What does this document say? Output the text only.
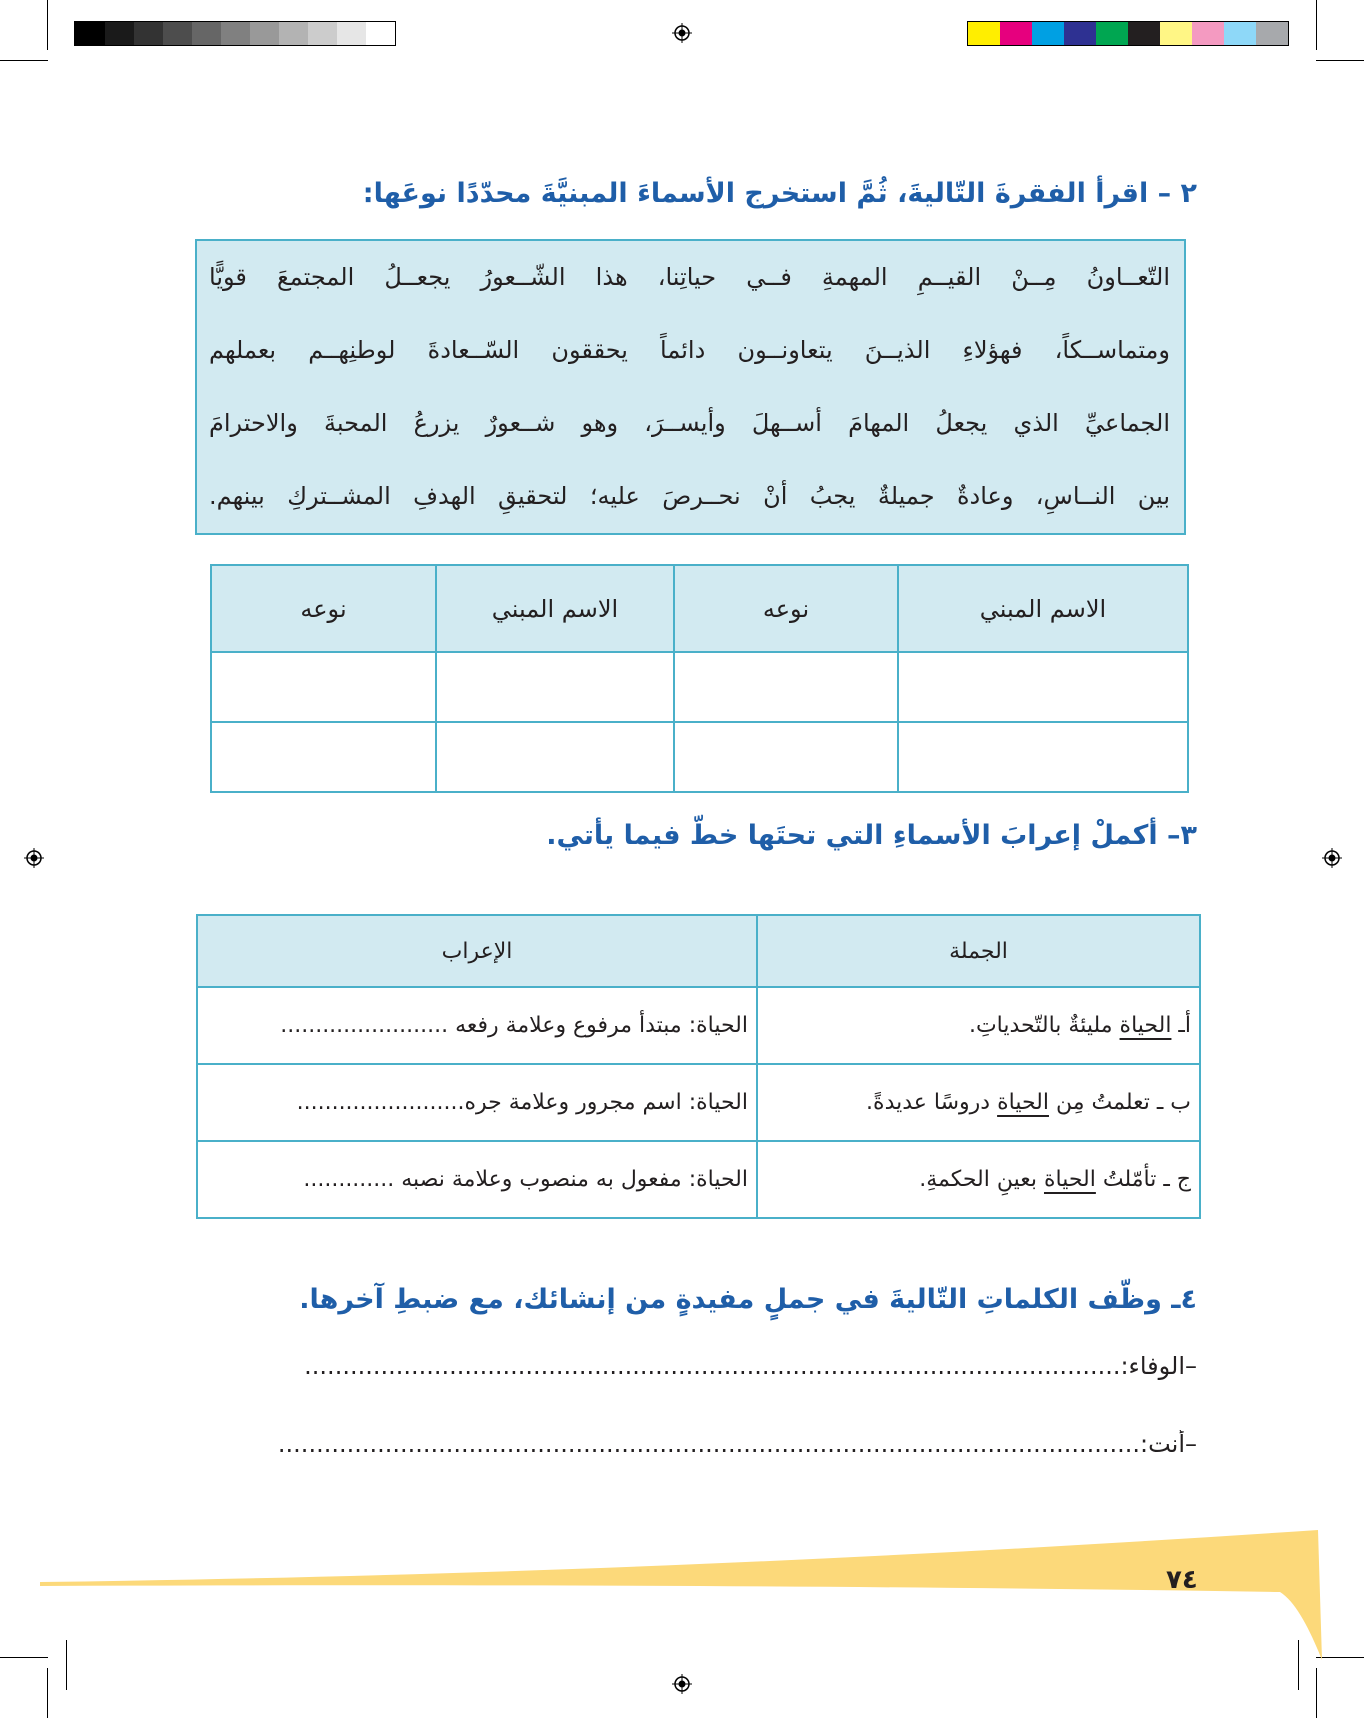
٢ – اقرأ الفقرةَ التّاليةَ، ثُمَّ استخرج الأسماءَ المبنيَّةَ محدّدًا نوعَها:
التّعــاونُ مِــنْ القيــمِ المهمةِ فــي حياتِنا، هذا الشّــعورُ يجعــلُ المجتمعَ قويًّا
ومتماســكاً، فهؤلاءِ الذيــنَ يتعاونــون دائماً يحققون السّــعادةَ لوطنِهــم بعملهم
الجماعيِّ الذي يجعلُ المهامَ أســهلَ وأيســرَ، وهو شــعورٌ يزرعُ المحبةَ والاحترامَ
بين النــاسِ، وعادةٌ جميلةٌ يجبُ أنْ نحــرصَ عليه؛ لتحقيقِ الهدفِ المشــتركِ بينهم.
الاسم المبني	نوعه	الاسم المبني	نوعه

٣– أكملْ إعرابَ الأسماءِ التي تحتَها خطّ فيما يأتي.
الجملة	الإعراب
أـ الحياة مليئةٌ بالتّحدياتِ.	الحياة: مبتدأ مرفوع وعلامة رفعه ........................
ب ـ تعلمتُ مِن الحياة دروسًا عديدةً.	الحياة: اسم مجرور وعلامة جره........................
ج ـ تأمّلتُ الحياة بعينِ الحكمةِ.	الحياة: مفعول به منصوب وعلامة نصبه .............
٤ـ وظّف الكلماتِ التّاليةَ في جملٍ مفيدةٍ من إنشائك، مع ضبطِ آخرها.
–الوفاء:...........................................................................................................
–أنت:.................................................................................................................
٧٤
